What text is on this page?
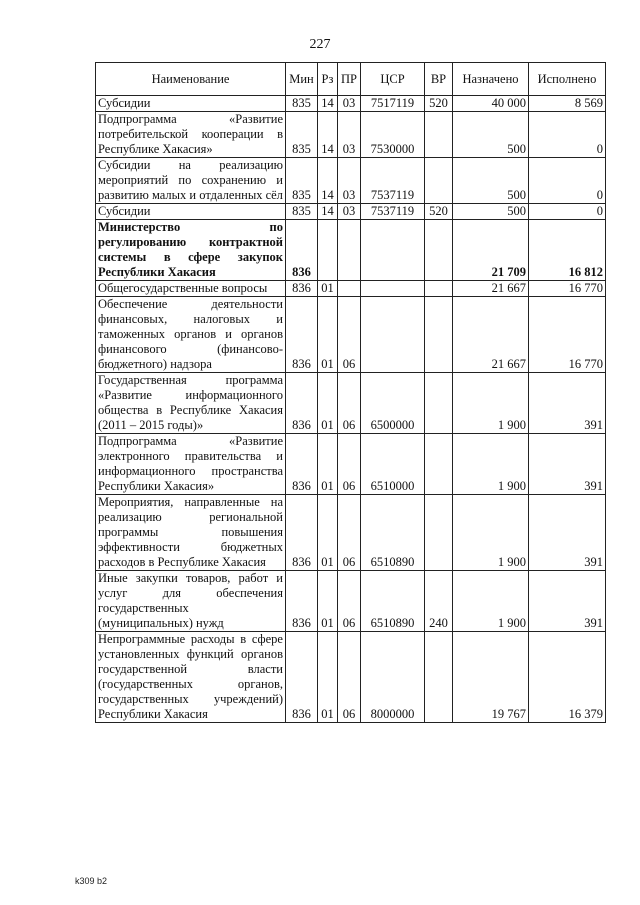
227
Наименование	Мин	Рз	ПР	ЦСР	ВР	Назначено	Исполнено
Субсидии	835	14	03	7517119	520	40 000	8 569
Подпрограмма «Развитие потребительской кооперации в Республике Хакасия»	835	14	03	7530000		500	0
Субсидии на реализацию мероприятий по сохранению и развитию малых и отдаленных сёл	835	14	03	7537119		500	0
Субсидии	835	14	03	7537119	520	500	0
Министерство по регулированию контрактной системы в сфере закупок Республики Хакасия	836					21 709	16 812
Общегосударственные вопросы	836	01				21 667	16 770
Обеспечение деятельности финансовых, налоговых и таможенных органов и органов финансового (финансово-бюджетного) надзора	836	01	06			21 667	16 770
Государственная программа «Развитие информационного общества в Республике Хакасия (2011 – 2015 годы)»	836	01	06	6500000		1 900	391
Подпрограмма «Развитие электронного правительства и информационного пространства Республики Хакасия»	836	01	06	6510000		1 900	391
Мероприятия, направленные на реализацию региональной программы повышения эффективности бюджетных расходов в Республике Хакасия	836	01	06	6510890		1 900	391
Иные закупки товаров, работ и услуг для обеспечения государственных (муниципальных) нужд	836	01	06	6510890	240	1 900	391
Непрограммные расходы в сфере установленных функций органов государственной власти (государственных органов, государственных учреждений) Республики Хакасия	836	01	06	8000000		19 767	16 379
k309 b2
